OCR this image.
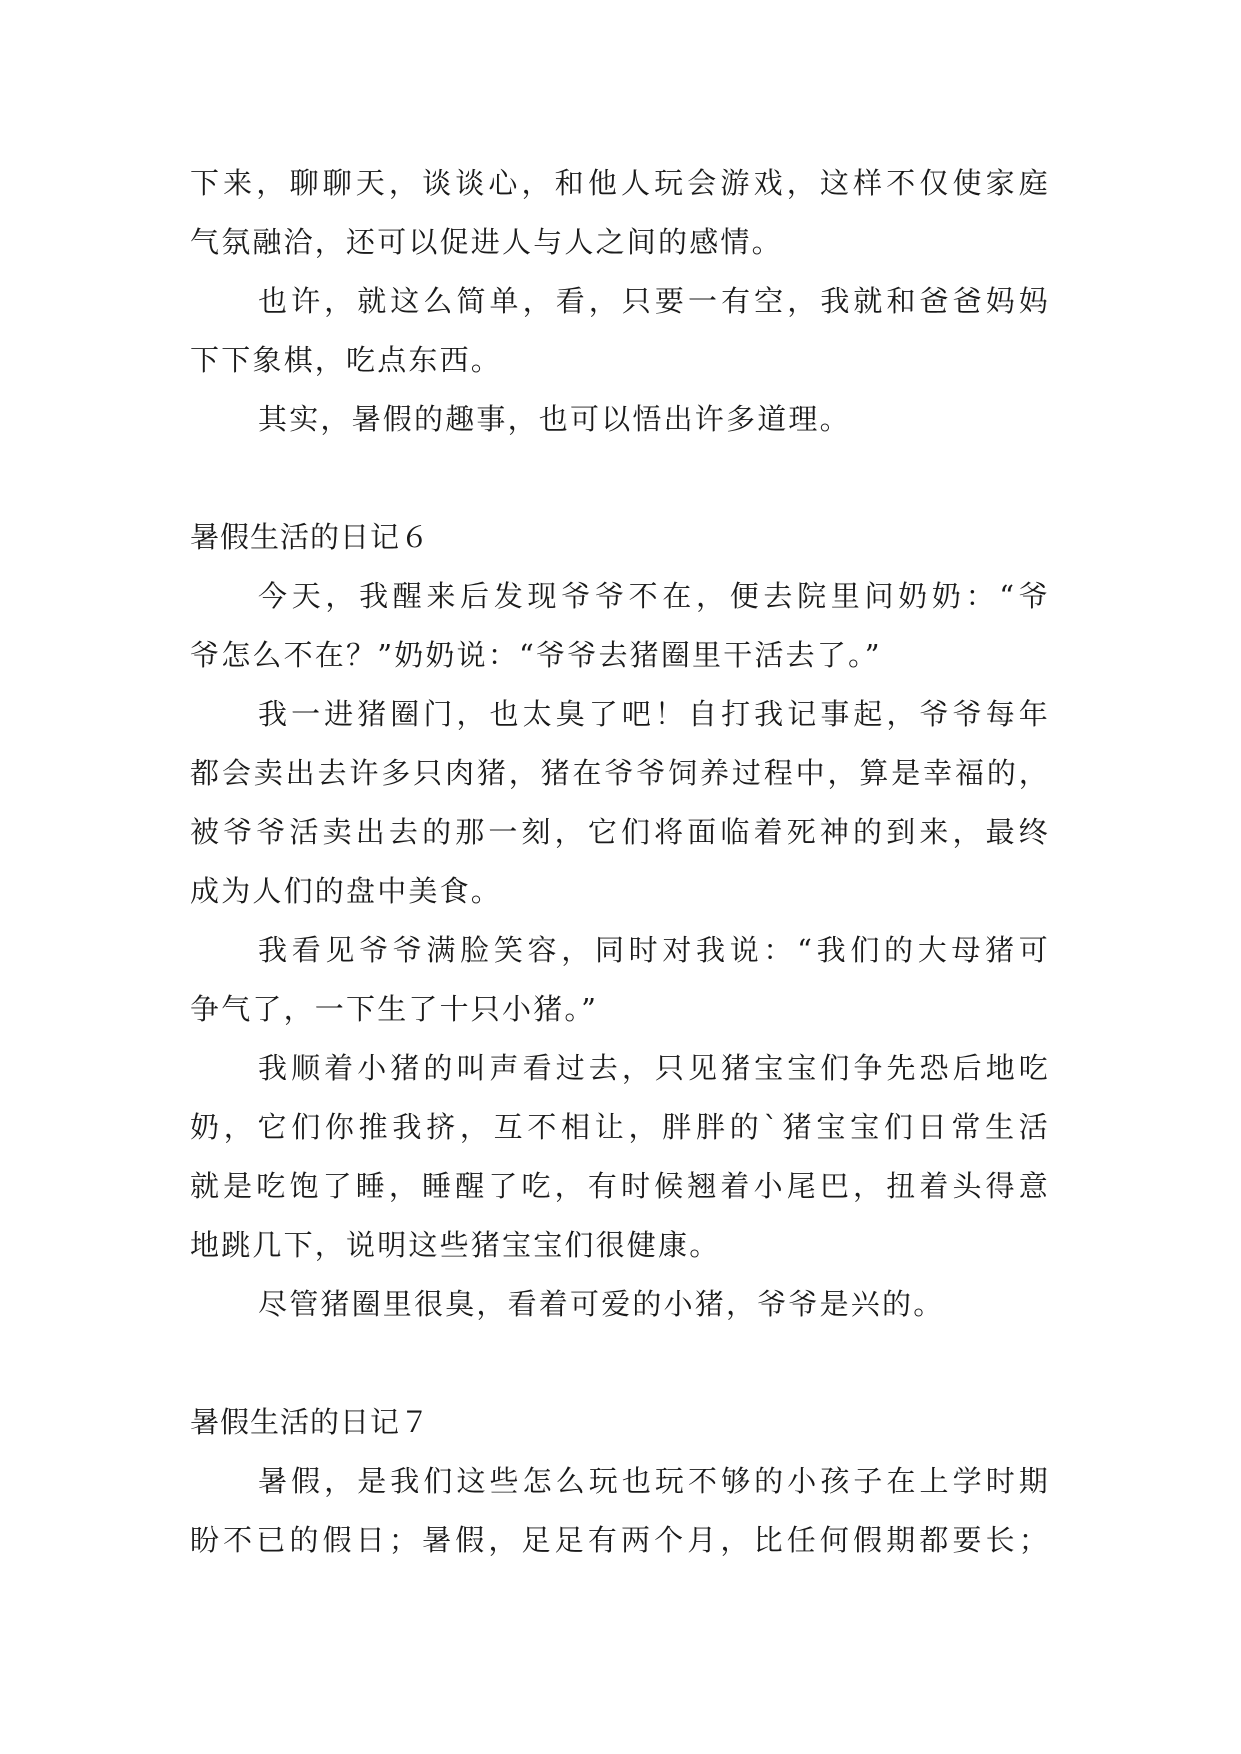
下来，聊聊天，谈谈心，和他人玩会游戏，这样不仅使家庭
气氛融洽，还可以促进人与人之间的感情。
也许，就这么简单，看，只要一有空，我就和爸爸妈妈
下下象棋，吃点东西。
其实，暑假的趣事，也可以悟出许多道理。
暑假生活的日记６
今天，我醒来后发现爷爷不在，便去院里问奶奶：“爷
爷怎么不在？”奶奶说：“爷爷去猪圈里干活去了。”
我一进猪圈门，也太臭了吧！自打我记事起，爷爷每年
都会卖出去许多只肉猪，猪在爷爷饲养过程中，算是幸福的，
被爷爷活卖出去的那一刻，它们将面临着死神的到来，最终
成为人们的盘中美食。
我看见爷爷满脸笑容，同时对我说：“我们的大母猪可
争气了，一下生了十只小猪。”
我顺着小猪的叫声看过去，只见猪宝宝们争先恐后地吃
奶，它们你推我挤，互不相让，胖胖的`猪宝宝们日常生活
就是吃饱了睡，睡醒了吃，有时候翘着小尾巴，扭着头得意
地跳几下，说明这些猪宝宝们很健康。
尽管猪圈里很臭，看着可爱的小猪，爷爷是兴的。
暑假生活的日记７
暑假，是我们这些怎么玩也玩不够的小孩子在上学时期
盼不已的假日；暑假，足足有两个月，比任何假期都要长；
